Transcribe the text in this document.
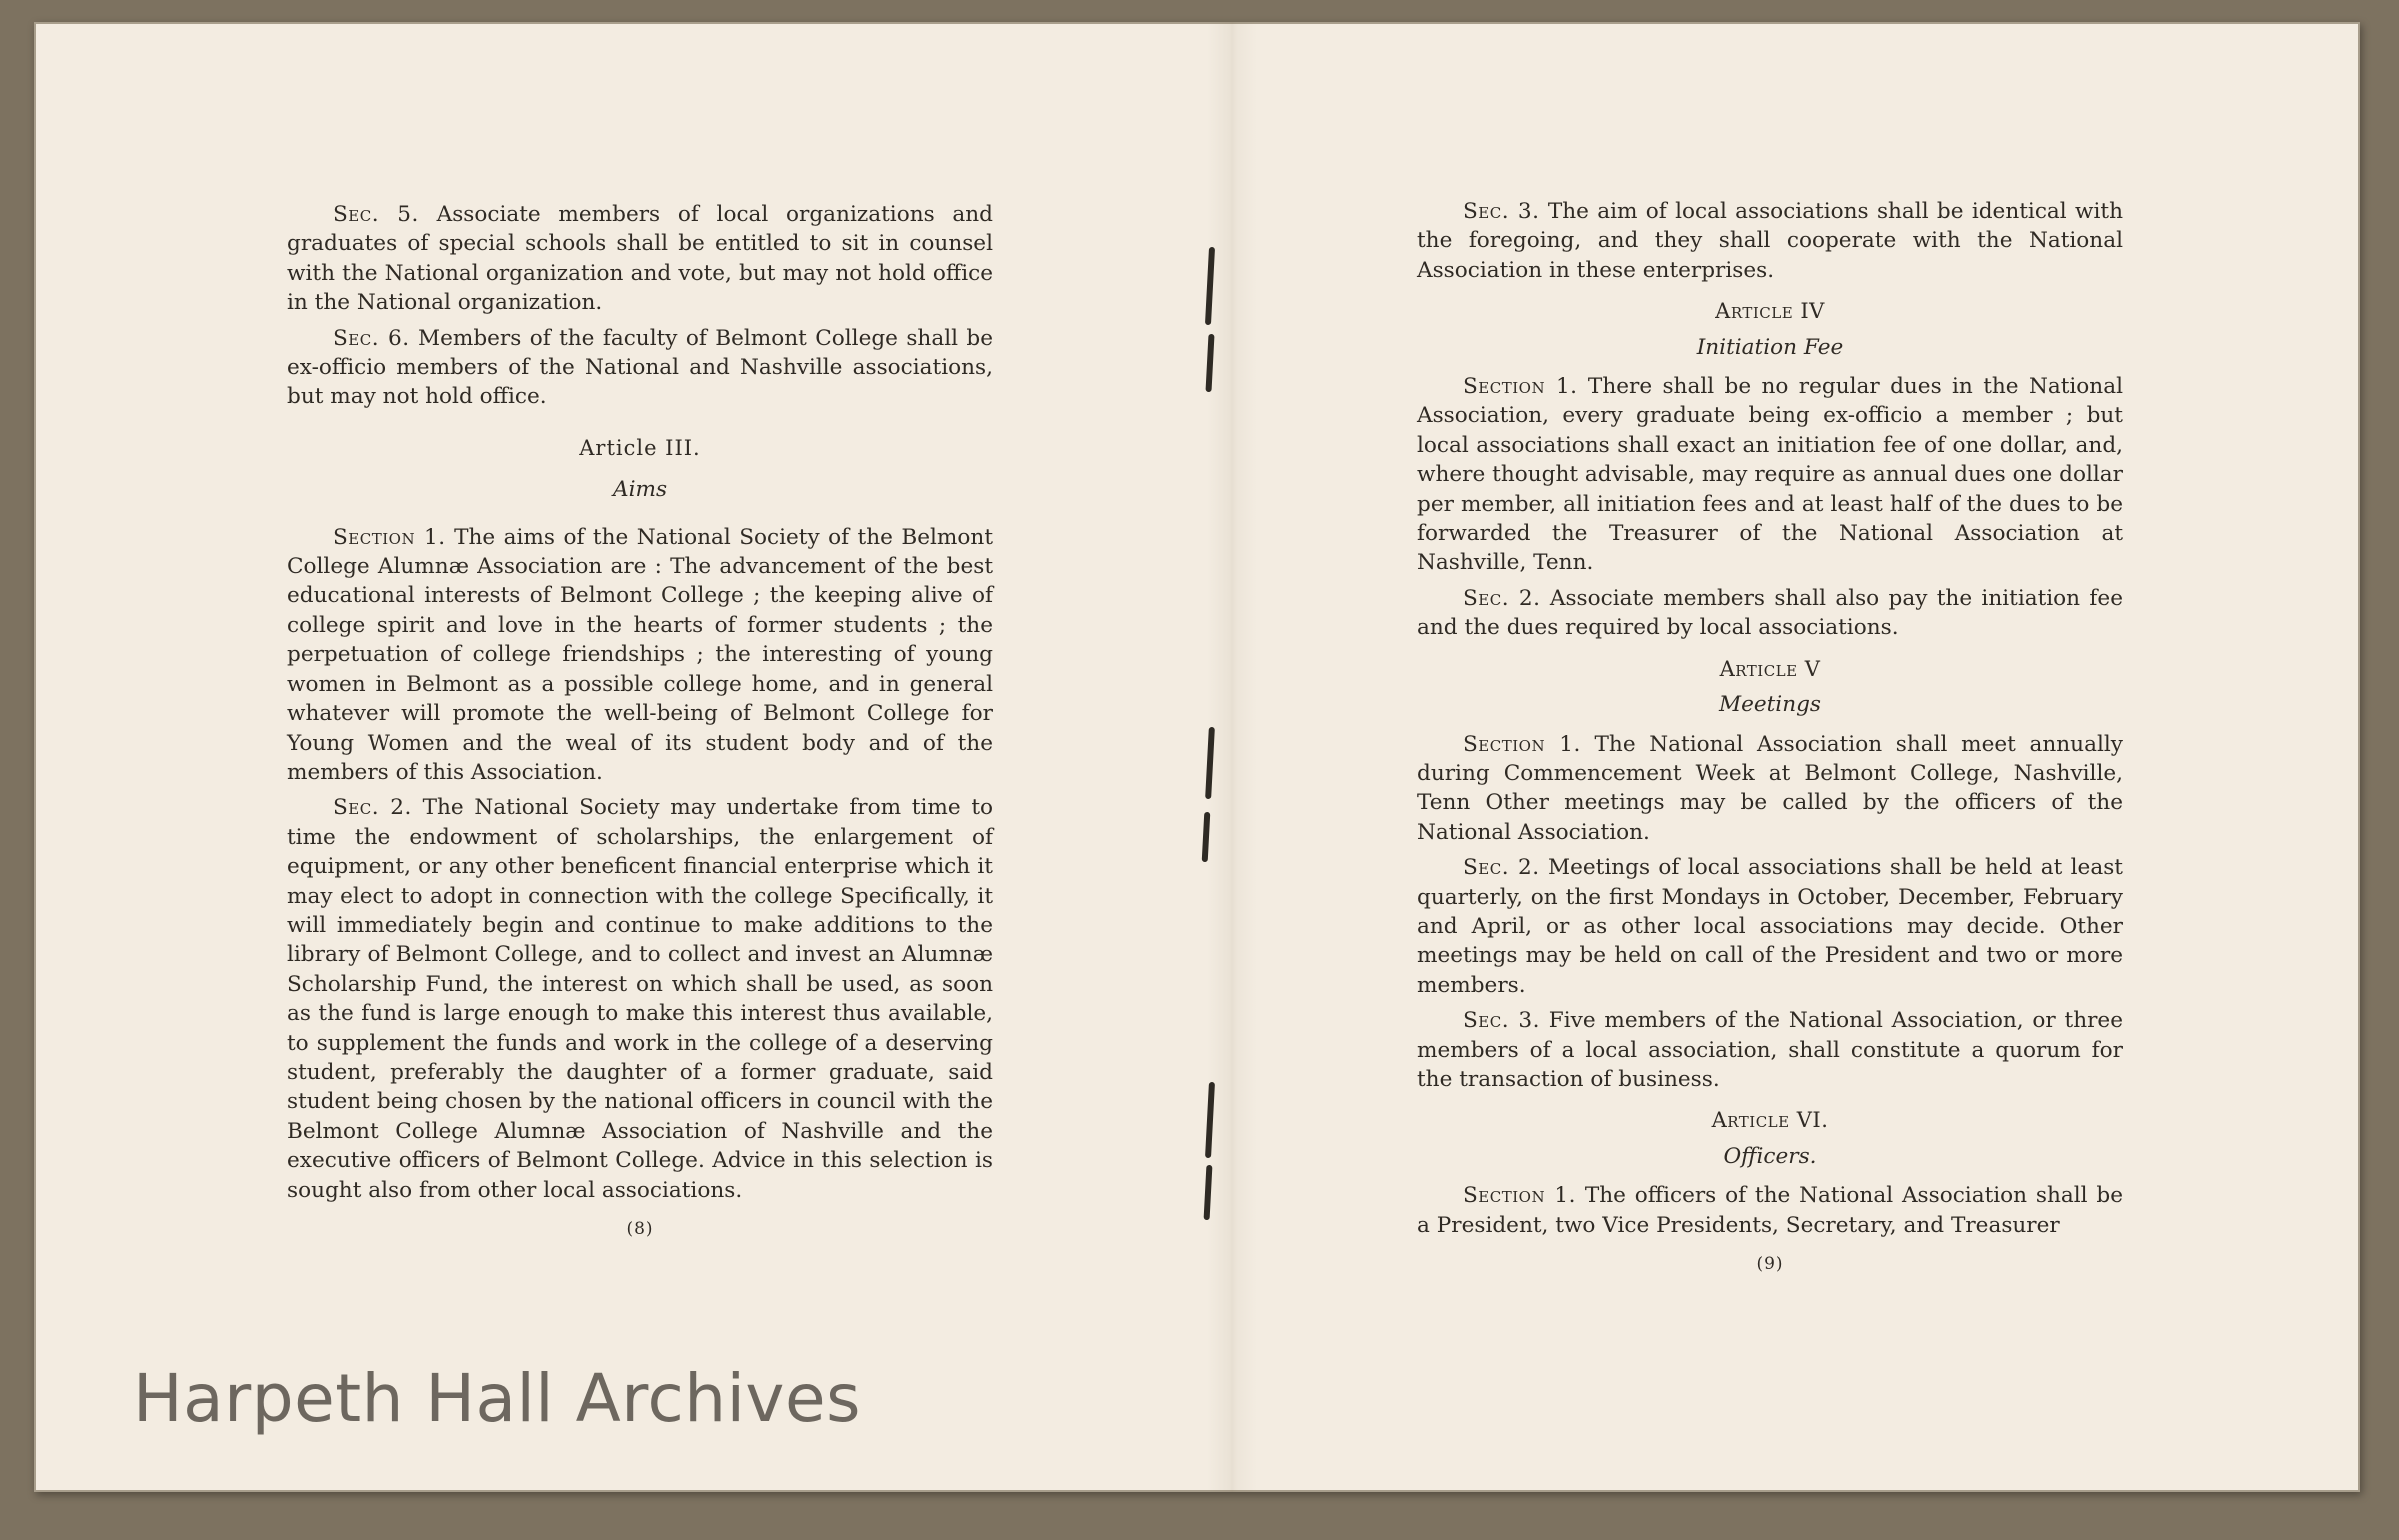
Sec. 5. Associate members of local organizations and graduates of special schools shall be entitled to sit in counsel with the National organization and vote, but may not hold office in the National organization.

Sec. 6. Members of the faculty of Belmont College shall be ex-officio members of the National and Nashville associations, but may not hold office.

Article III.
Aims

Section 1. The aims of the National Society of the Belmont College Alumnæ Association are : The advancement of the best educational interests of Belmont College ; the keeping alive of college spirit and love in the hearts of former students ; the perpetuation of college friendships ; the interesting of young women in Belmont as a possible college home, and in general whatever will promote the well-being of Belmont College for Young Women and the weal of its student body and of the members of this Association.

Sec. 2. The National Society may undertake from time to time the endowment of scholarships, the enlargement of equipment, or any other beneficent financial enterprise which it may elect to adopt in connection with the college Specifically, it will immediately begin and continue to make additions to the library of Belmont College, and to collect and invest an Alumnæ Scholarship Fund, the interest on which shall be used, as soon as the fund is large enough to make this interest thus available, to supplement the funds and work in the college of a deserving student, preferably the daughter of a former graduate, said student being chosen by the national officers in council with the Belmont College Alumnæ Association of Nashville and the executive officers of Belmont College. Advice in this selection is sought also from other local associations.

(8)

Sec. 3. The aim of local associations shall be identical with the foregoing, and they shall cooperate with the National Association in these enterprises.

Article IV
Initiation Fee

Section 1. There shall be no regular dues in the National Association, every graduate being ex-officio a member ; but local associations shall exact an initiation fee of one dollar, and, where thought advisable, may require as annual dues one dollar per member, all initiation fees and at least half of the dues to be forwarded the Treasurer of the National Association at Nashville, Tenn.

Sec. 2. Associate members shall also pay the initiation fee and the dues required by local associations.

Article V
Meetings

Section 1. The National Association shall meet annually during Commencement Week at Belmont College, Nashville, Tenn Other meetings may be called by the officers of the National Association.

Sec. 2. Meetings of local associations shall be held at least quarterly, on the first Mondays in October, December, February and April, or as other local associations may decide. Other meetings may be held on call of the President and two or more members.

Sec. 3. Five members of the National Association, or three members of a local association, shall constitute a quorum for the transaction of business.

Article VI.
Officers.

Section 1. The officers of the National Association shall be a President, two Vice Presidents, Secretary, and Treasurer

(9)
Harpeth Hall Archives
